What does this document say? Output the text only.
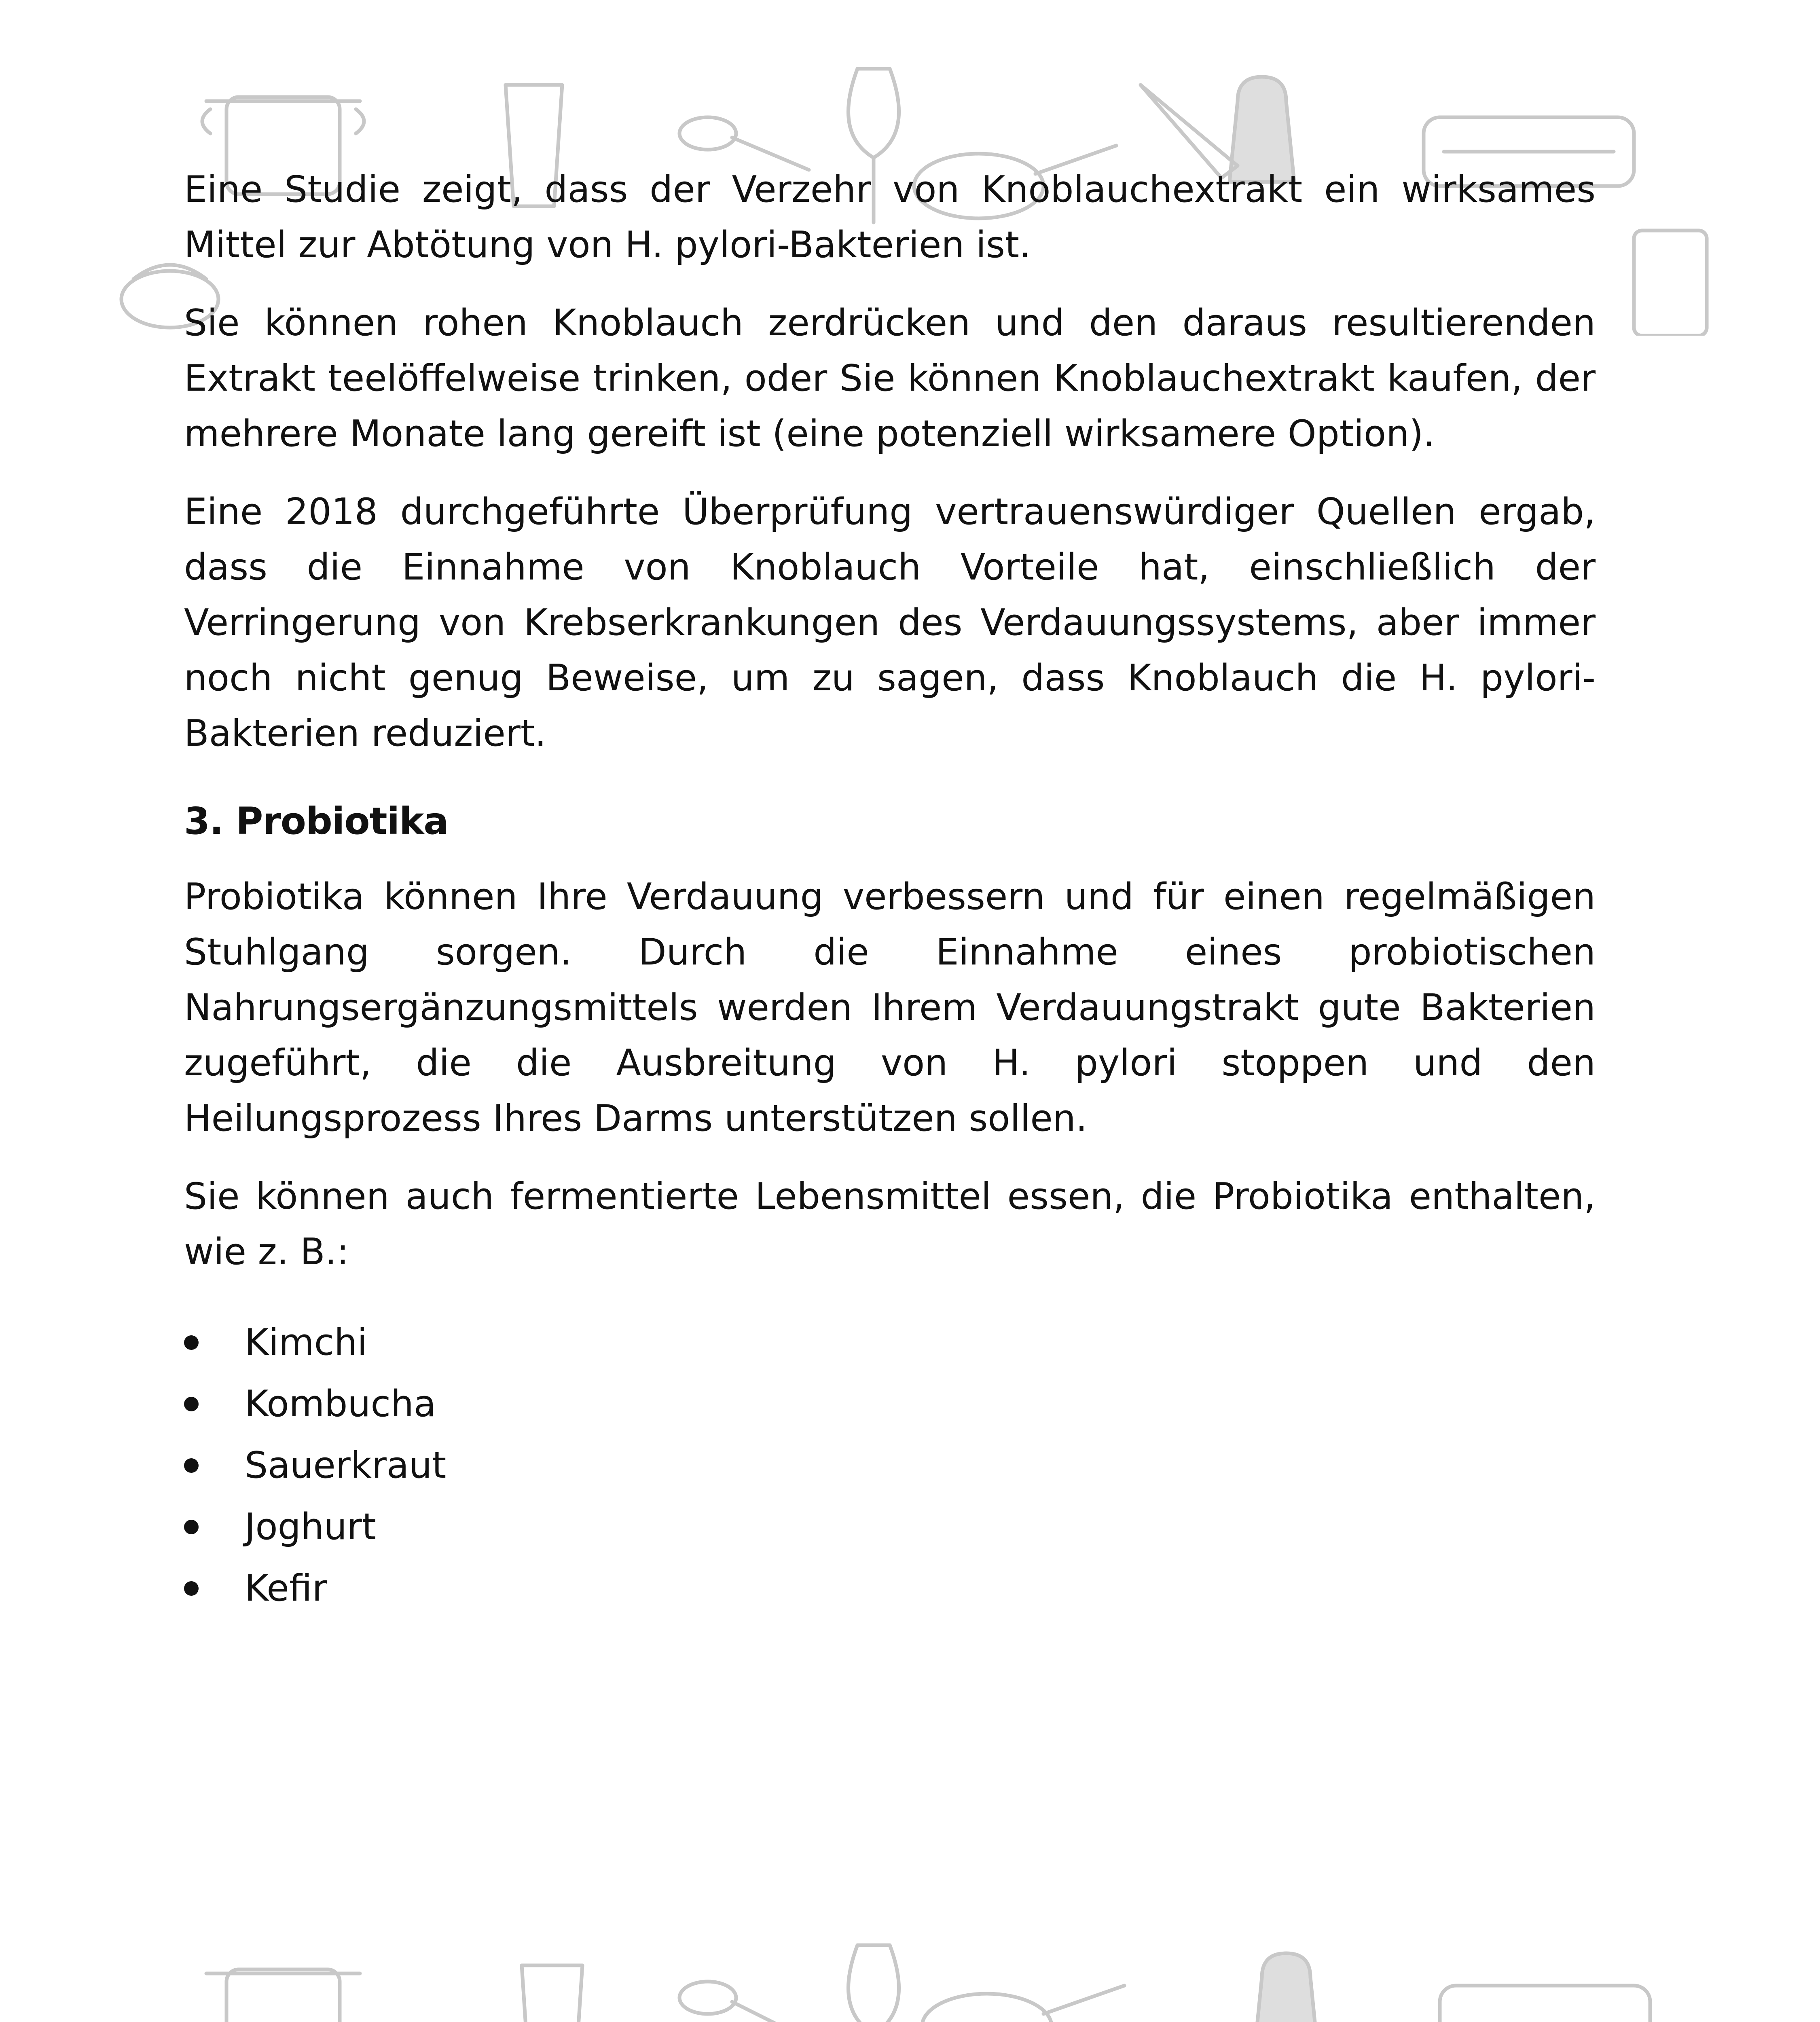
Eine Studie zeigt, dass der Verzehr von Knoblauchextrakt ein wirksames Mittel zur Abtötung von H. pylori-Bakterien ist.

Sie können rohen Knoblauch zerdrücken und den daraus resultierenden Extrakt teelöffelweise trinken, oder Sie können Knoblauchextrakt kaufen, der mehrere Monate lang gereift ist (eine potenziell wirksamere Option).

Eine 2018 durchgeführte Überprüfung vertrauenswürdiger Quellen ergab, dass die Einnahme von Knoblauch Vorteile hat, einschließlich der Verringerung von Krebserkrankungen des Verdauungssystems, aber immer noch nicht genug Beweise, um zu sagen, dass Knoblauch die H. pylori-Bakterien reduziert.

3. Probiotika

Probiotika können Ihre Verdauung verbessern und für einen regelmäßigen Stuhlgang sorgen. Durch die Einnahme eines probiotischen Nahrungsergänzungsmittels werden Ihrem Verdauungstrakt gute Bakterien zugeführt, die die Ausbreitung von H. pylori stoppen und den Heilungsprozess Ihres Darms unterstützen sollen.

Sie können auch fermentierte Lebensmittel essen, die Probiotika enthalten, wie z. B.:

Kimchi
Kombucha
Sauerkraut
Joghurt
Kefir
